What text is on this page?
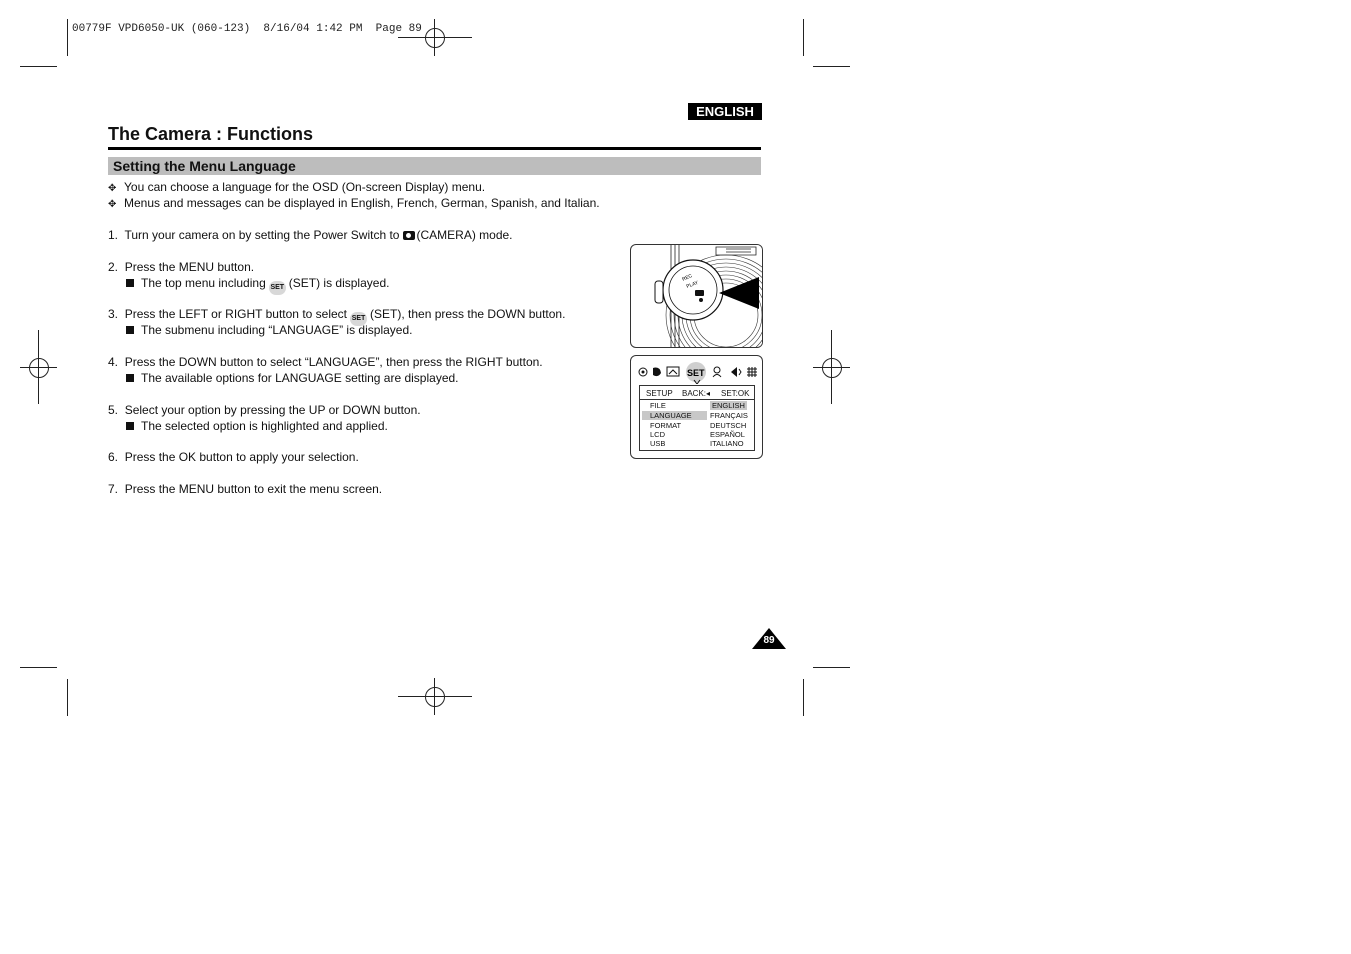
00779F VPD6050-UK (060-123)  8/16/04 1:42 PM  Page 89
ENGLISH
The Camera : Functions
Setting the Menu Language
✥ You can choose a language for the OSD (On-screen Display) menu.
✥ Menus and messages can be displayed in English, French, German, Spanish, and Italian.
1. Turn your camera on by setting the Power Switch to (CAMERA) mode.
2. Press the MENU button.
The top menu including SET (SET) is displayed.
3. Press the LEFT or RIGHT button to select SET (SET), then press the DOWN button.
The submenu including “LANGUAGE” is displayed.
4. Press the DOWN button to select “LANGUAGE”, then press the RIGHT button.
The available options for LANGUAGE setting are displayed.
5. Select your option by pressing the UP or DOWN button.
The selected option is highlighted and applied.
6. Press the OK button to apply your selection.
7. Press the MENU button to exit the menu screen.
REC
PLAY
SET
SETUP BACK:◂ SET:OK
FILE
LANGUAGE
FORMAT
LCD
USB
ENGLISH
FRANÇAIS
DEUTSCH
ESPAÑOL
ITALIANO
89
